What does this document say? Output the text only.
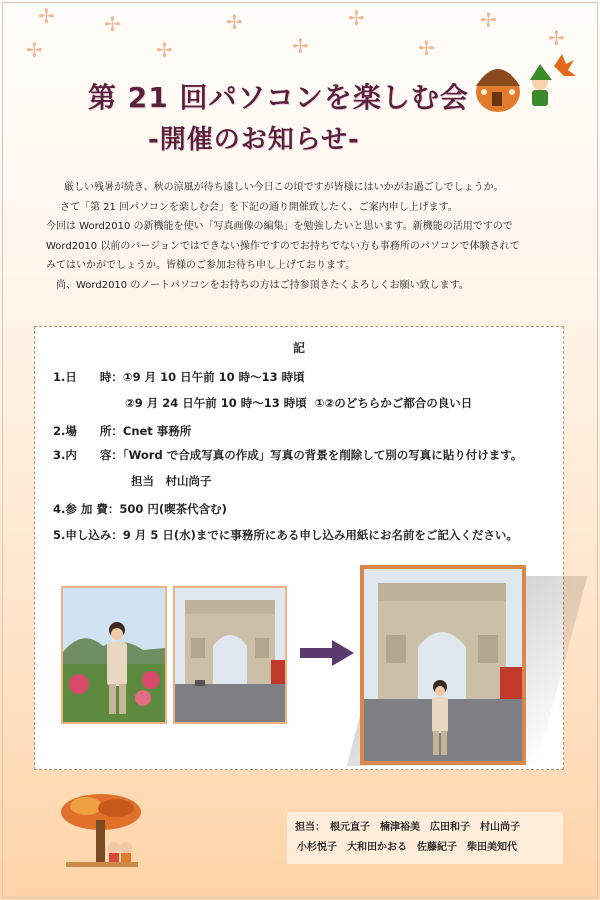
✢
✢
✢
✢
✢
✢
✢
✢
✢
✢
第 21 回パソコンを楽しむ会
-開催のお知らせ-

厳しい残暑が続き、秋の涼風が待ち遠しい今日この頃ですが皆様にはいかがお過ごしでしょうか。

さて「第 21 回パソコンを楽しむ会」を下記の通り開催致したく、ご案内申し上げます。

今回は Word2010 の新機能を使い「写真画像の編集」を勉強したいと思います。新機能の活用ですので

Word2010 以前のバージョンではできない操作ですのでお持ちでない方も事務所のパソコンで体験されて

みてはいかがでしょうか。皆様のご参加お待ち申し上げております。

尚、Word2010 のノートパソコンをお持ちの方はご持参頂きたくよろしくお願い致します。

記
1.日　　時：①9 月 10 日午前 10 時～13 時頃
②9 月 24 日午前 10 時～13 時頃 ①②のどちらかご都合の良い日
2.場　　所：Cnet 事務所
3.内　　容：「Word で合成写真の作成」写真の背景を削除して別の写真に貼り付けます。
担当　村山尚子
4.参 加 費：500 円(喫茶代含む)
5.申し込み：9 月 5 日(水)までに事務所にある申し込み用紙にお名前をご記入ください。
担当：　根元直子　楠津裕美　広田和子　村山尚子
小杉悦子　大和田かおる　佐藤紀子　柴田美知代
